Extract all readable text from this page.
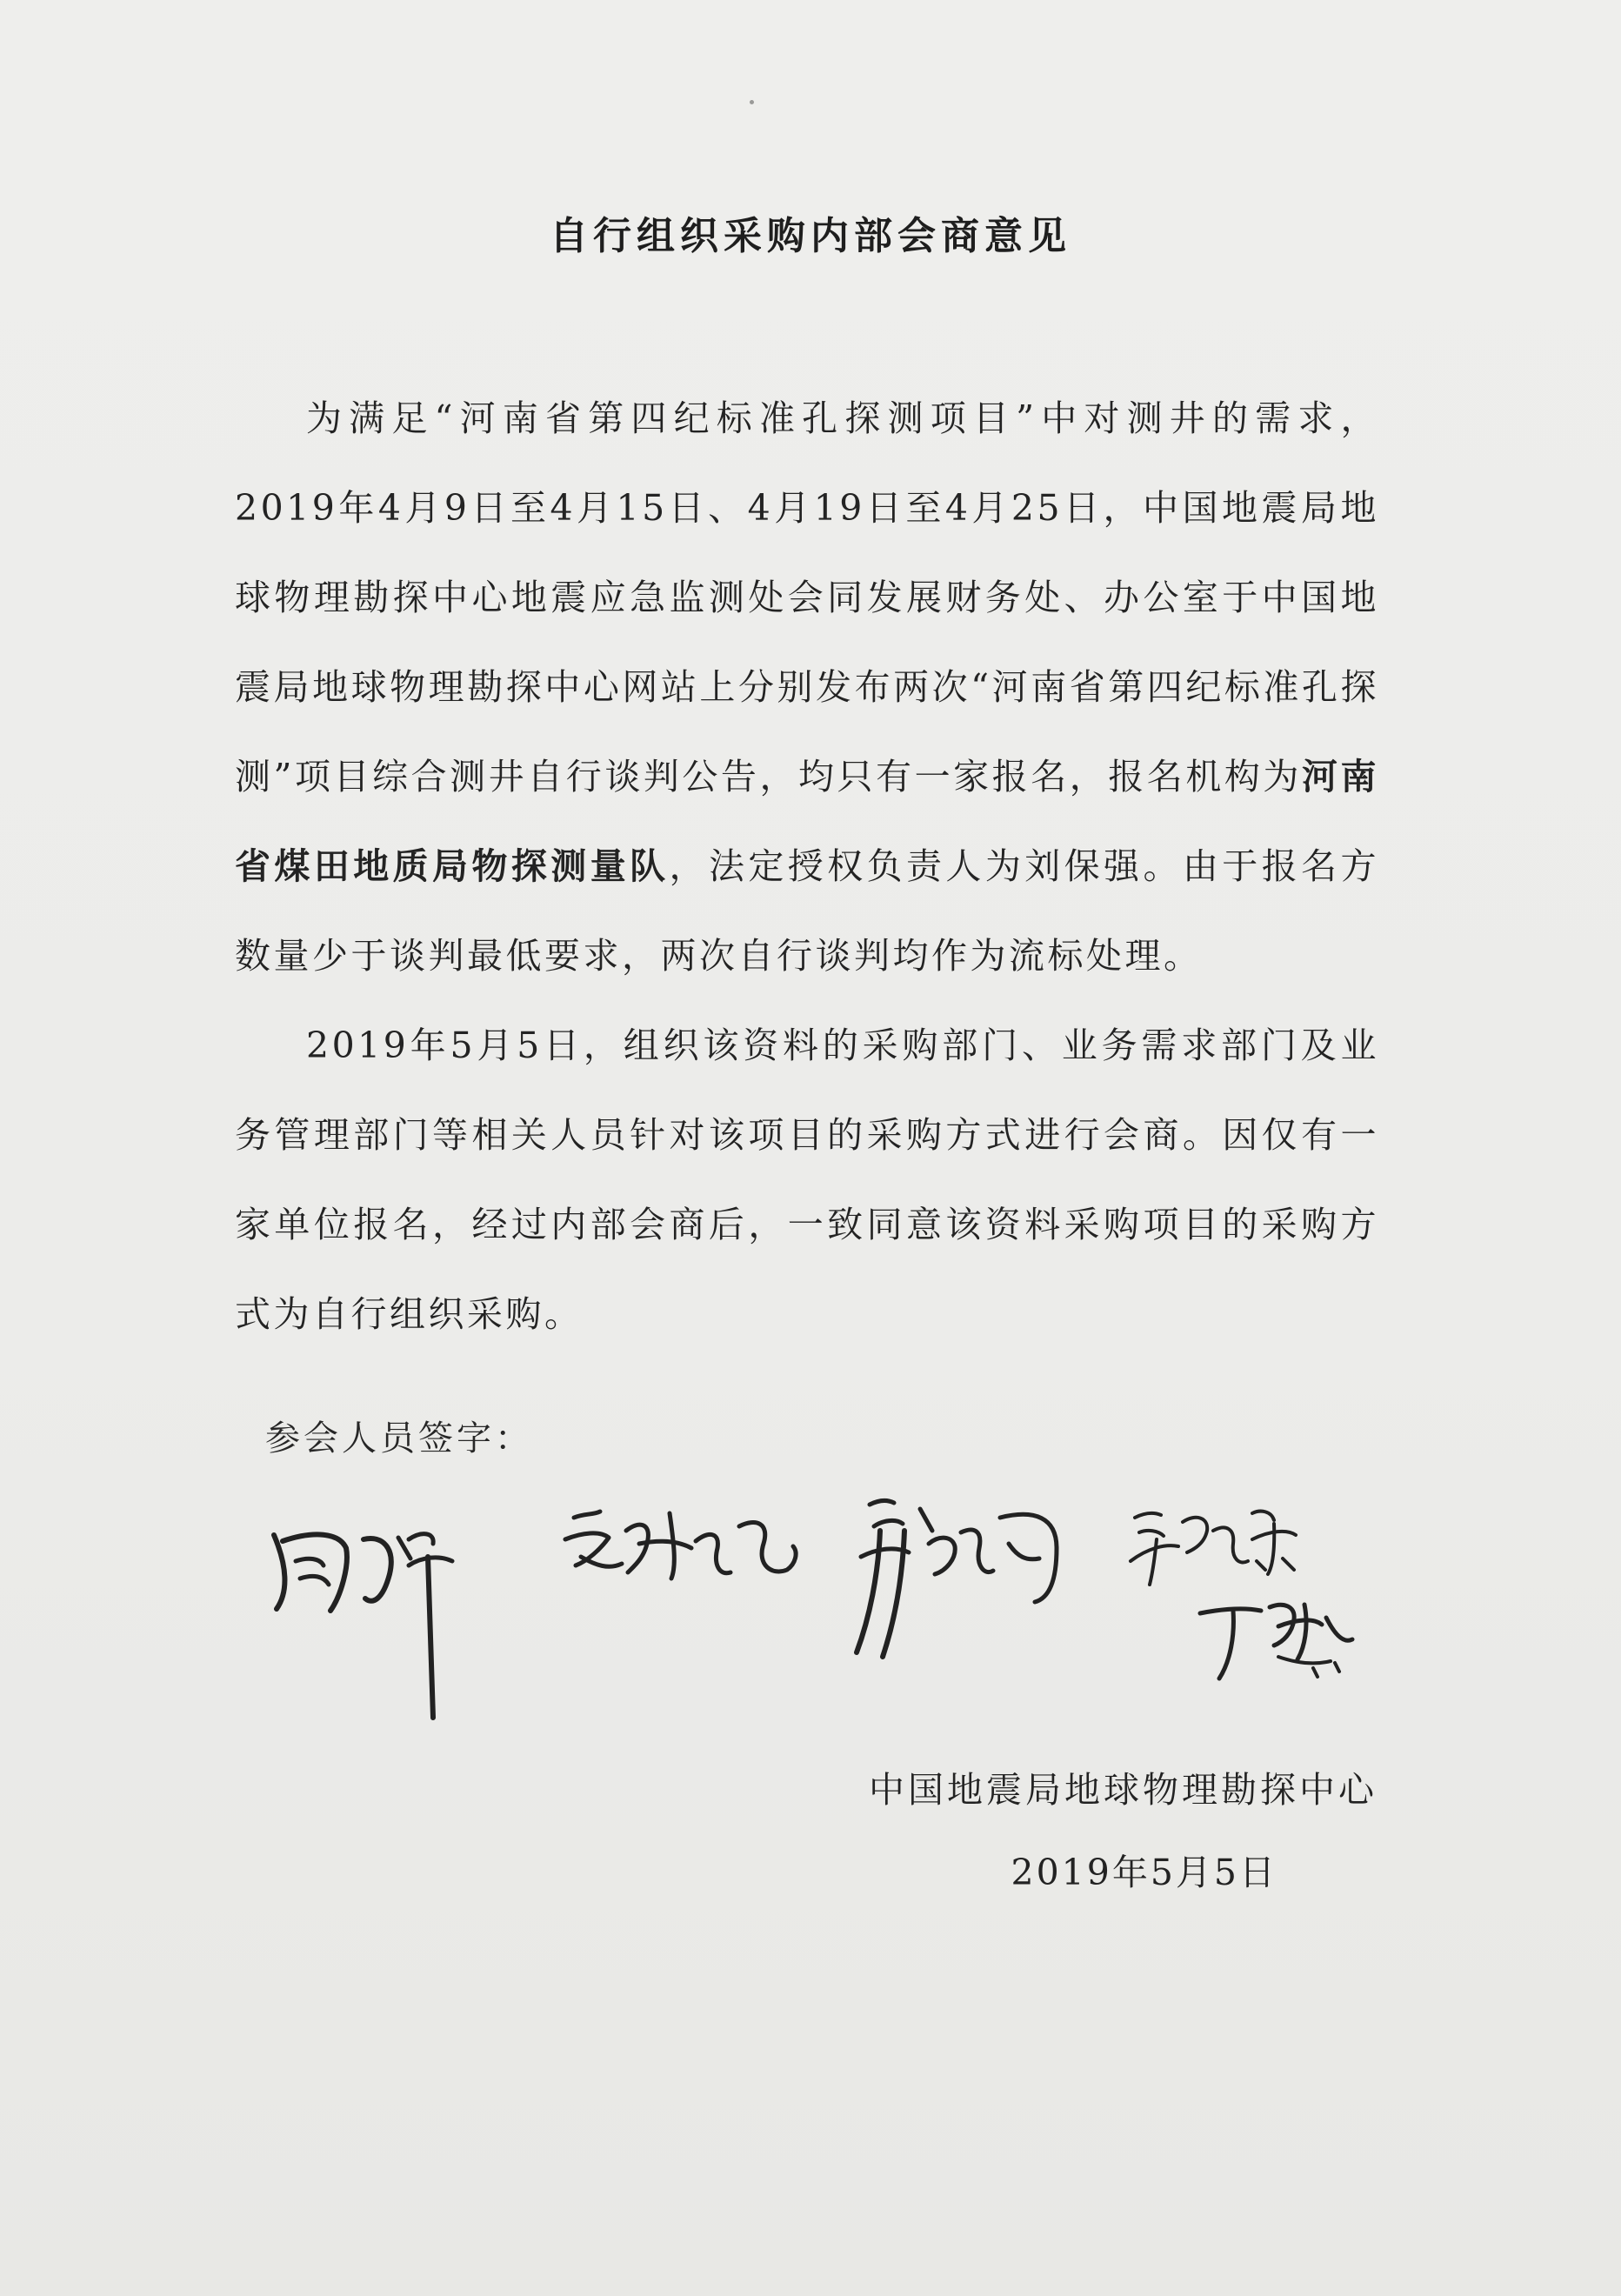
自行组织采购内部会商意见

为满足“河南省第四纪标准孔探测项目”中对测井的需求，2019年4月9日至4月15日、4月19日至4月25日，中国地震局地球物理勘探中心地震应急监测处会同发展财务处、办公室于中国地震局地球物理勘探中心网站上分别发布两次“河南省第四纪标准孔探测”项目综合测井自行谈判公告，均只有一家报名，报名机构为河南省煤田地质局物探测量队，法定授权负责人为刘保强。由于报名方数量少于谈判最低要求，两次自行谈判均作为流标处理。

2019年5月5日，组织该资料的采购部门、业务需求部门及业务管理部门等相关人员针对该项目的采购方式进行会商。因仅有一家单位报名，经过内部会商后，一致同意该资料采购项目的采购方式为自行组织采购。

参会人员签字：
中国地震局地球物理勘探中心
2019年5月5日
